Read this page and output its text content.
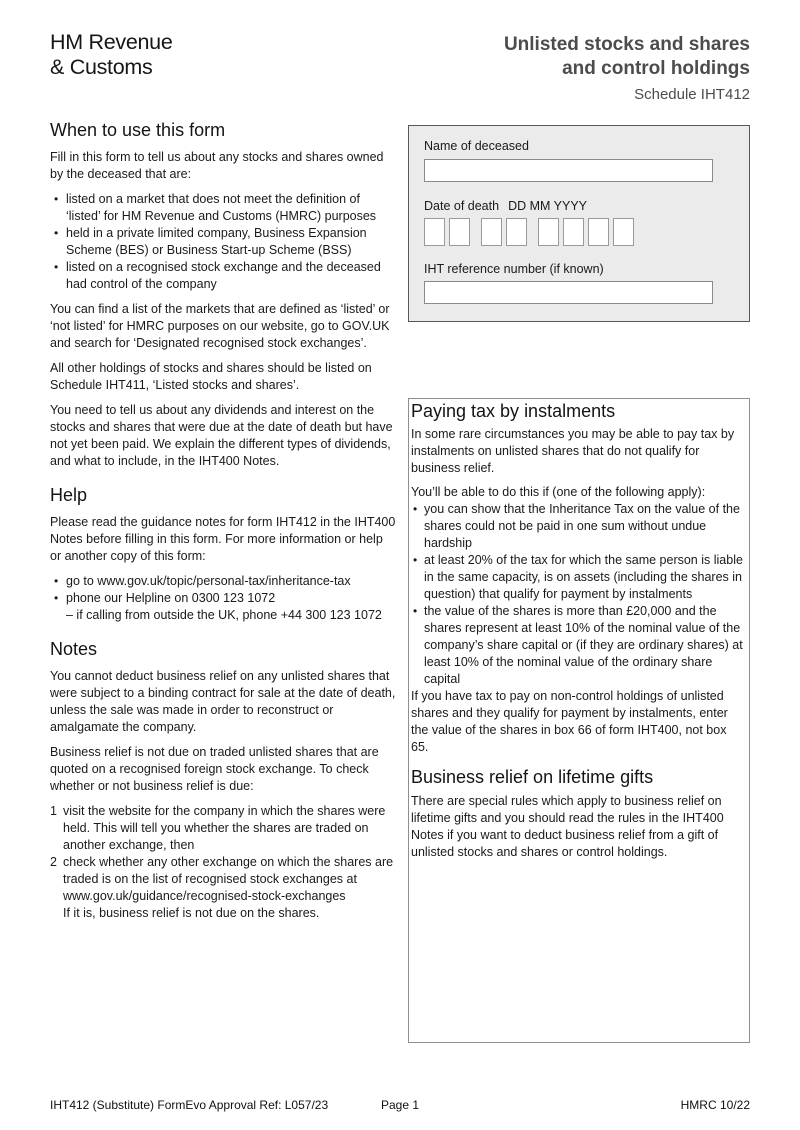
HM Revenue
& Customs
Unlisted stocks and shares
and control holdings
Schedule IHT412
When to use this form

Fill in this form to tell us about any stocks and shares owned by the deceased that are:

• listed on a market that does not meet the definition of ‘listed’ for HM Revenue and Customs (HMRC) purposes
• held in a private limited company, Business Expansion Scheme (BES) or Business Start-up Scheme (BSS)
• listed on a recognised stock exchange and the deceased had control of the company

You can find a list of the markets that are defined as ‘listed’ or ‘not listed’ for HMRC purposes on our website, go to GOV.UK and search for ‘Designated recognised stock exchanges’.

All other holdings of stocks and shares should be listed on Schedule IHT411, ‘Listed stocks and shares’.

You need to tell us about any dividends and interest on the stocks and shares that were due at the date of death but have not yet been paid. We explain the different types of dividends, and what to include, in the IHT400 Notes.

Help

Please read the guidance notes for form IHT412 in the IHT400 Notes before filling in this form. For more information or help or another copy of this form:

• go to www.gov.uk/topic/personal-tax/inheritance-tax
• phone our Helpline on 0300 123 1072
– if calling from outside the UK, phone +44 300 123 1072
Notes

You cannot deduct business relief on any unlisted shares that were subject to a binding contract for sale at the date of death, unless the sale was made in order to reconstruct or amalgamate the company.

Business relief is not due on traded unlisted shares that are quoted on a recognised foreign stock exchange. To check whether or not business relief is due:

1 visit the website for the company in which the shares were held. This will tell you whether the shares are traded on another exchange, then
2 check whether any other exchange on which the shares are traded is on the list of recognised stock exchanges at www.gov.uk/guidance/recognised-stock-exchanges
If it is, business relief is not due on the shares.
Name of deceased
Date of death DD MM YYYY
IHT reference number (if known)
Paying tax by instalments

In some rare circumstances you may be able to pay tax by instalments on unlisted shares that do not qualify for business relief.

You’ll be able to do this if (one of the following apply):

• you can show that the Inheritance Tax on the value of the shares could not be paid in one sum without undue hardship
• at least 20% of the tax for which the same person is liable in the same capacity, is on assets (including the shares in question) that qualify for payment by instalments
• the value of the shares is more than £20,000 and the shares represent at least 10% of the nominal value of the company’s share capital or (if they are ordinary shares) at least 10% of the nominal value of the ordinary share capital

If you have tax to pay on non-control holdings of unlisted shares and they qualify for payment by instalments, enter the value of the shares in box 66 of form IHT400, not box 65.

Business relief on lifetime gifts

There are special rules which apply to business relief on lifetime gifts and you should read the rules in the IHT400 Notes if you want to deduct business relief from a gift of unlisted stocks and shares or control holdings.

IHT412 (Substitute) FormEvo Approval Ref: L057/23	Page 1	HMRC 10/22
